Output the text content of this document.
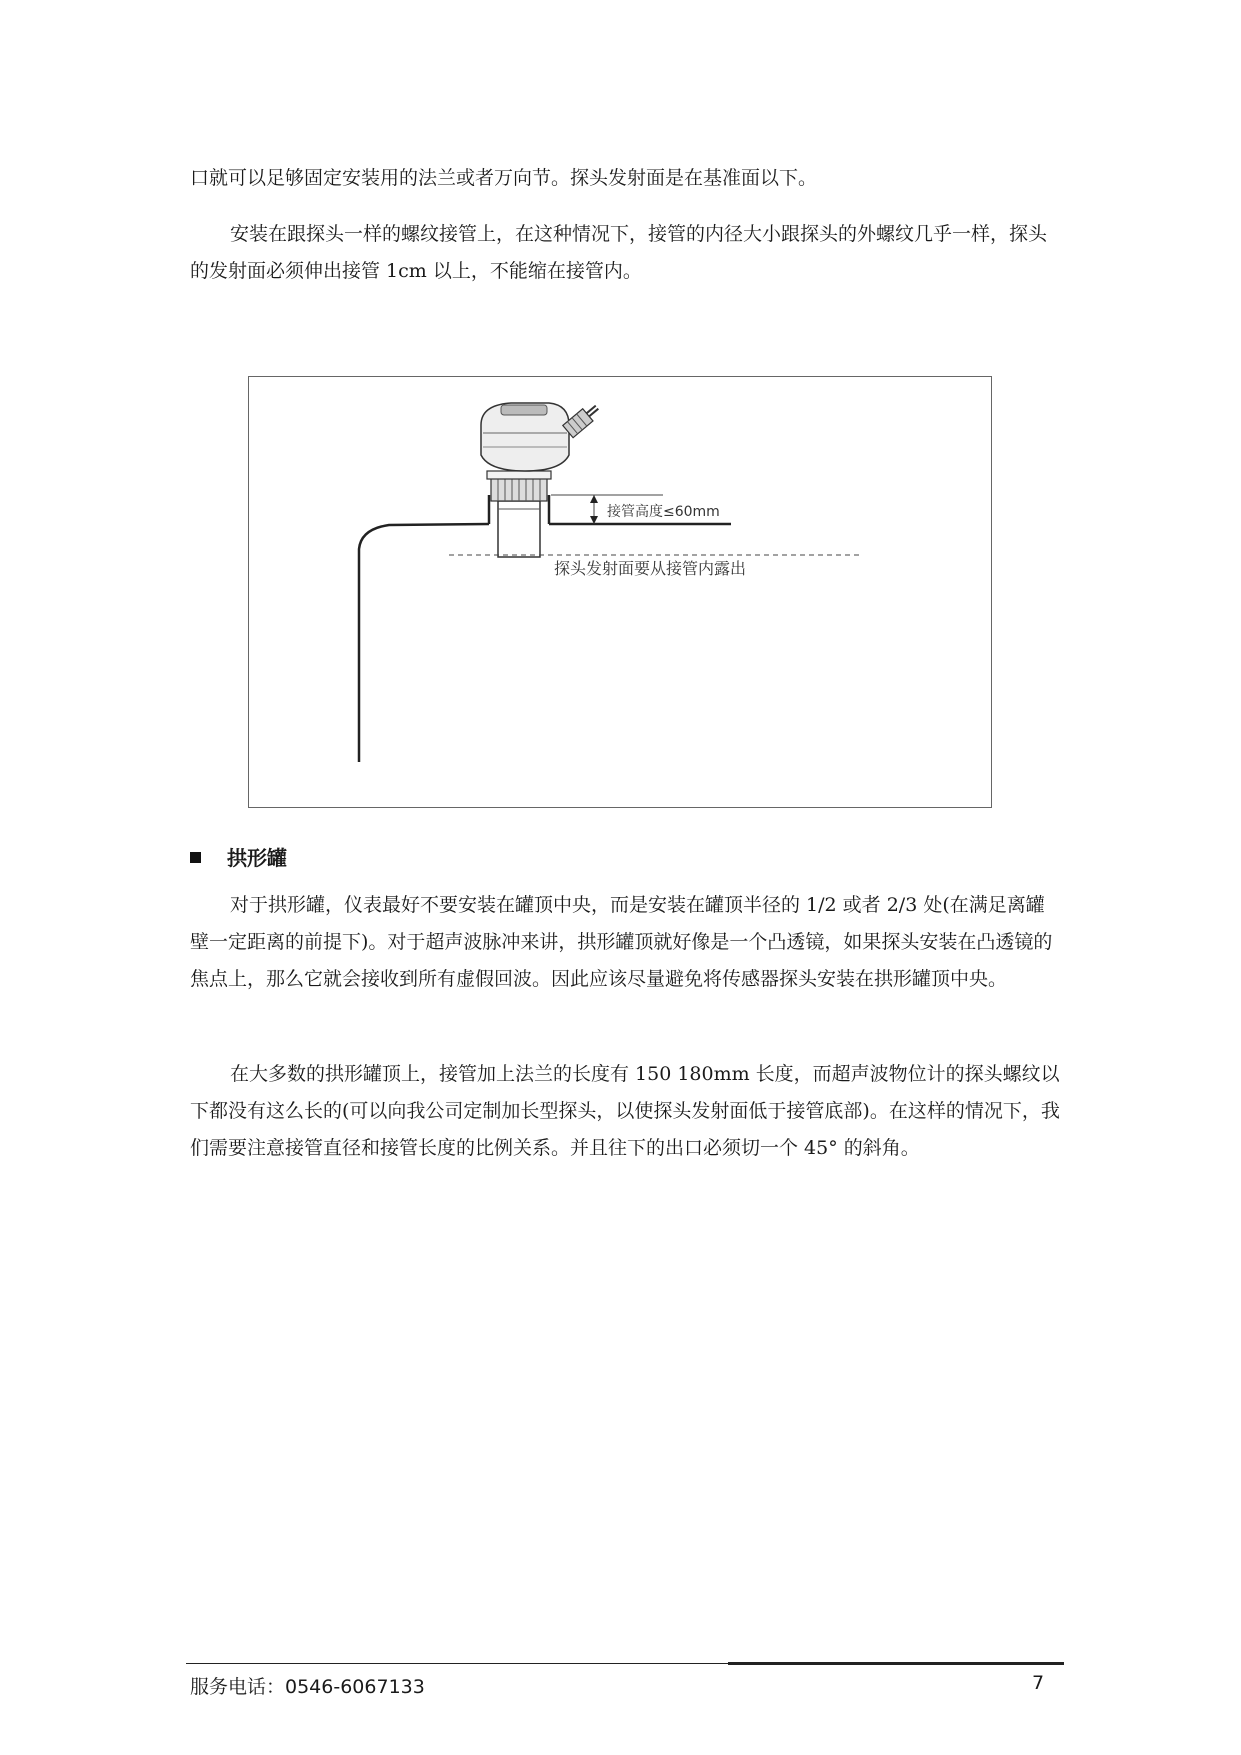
口就可以足够固定安装用的法兰或者万向节。探头发射面是在基准面以下。

安装在跟探头一样的螺纹接管上，在这种情况下，接管的内径大小跟探头的外螺纹几乎一样，探头的发射面必须伸出接管 1cm 以上，不能缩在接管内。

接管高度≤60mm
探头发射面要从接管内露出
拱形罐

对于拱形罐，仪表最好不要安装在罐顶中央，而是安装在罐顶半径的 1/2 或者 2/3 处(在满足离罐壁一定距离的前提下)。对于超声波脉冲来讲，拱形罐顶就好像是一个凸透镜，如果探头安装在凸透镜的焦点上，那么它就会接收到所有虚假回波。因此应该尽量避免将传感器探头安装在拱形罐顶中央。

在大多数的拱形罐顶上，接管加上法兰的长度有 150 180mm 长度，而超声波物位计的探头螺纹以下都没有这么长的(可以向我公司定制加长型探头，以使探头发射面低于接管底部)。在这样的情况下，我们需要注意接管直径和接管长度的比例关系。并且往下的出口必须切一个 45° 的斜角。

服务电话：0546-6067133	7
